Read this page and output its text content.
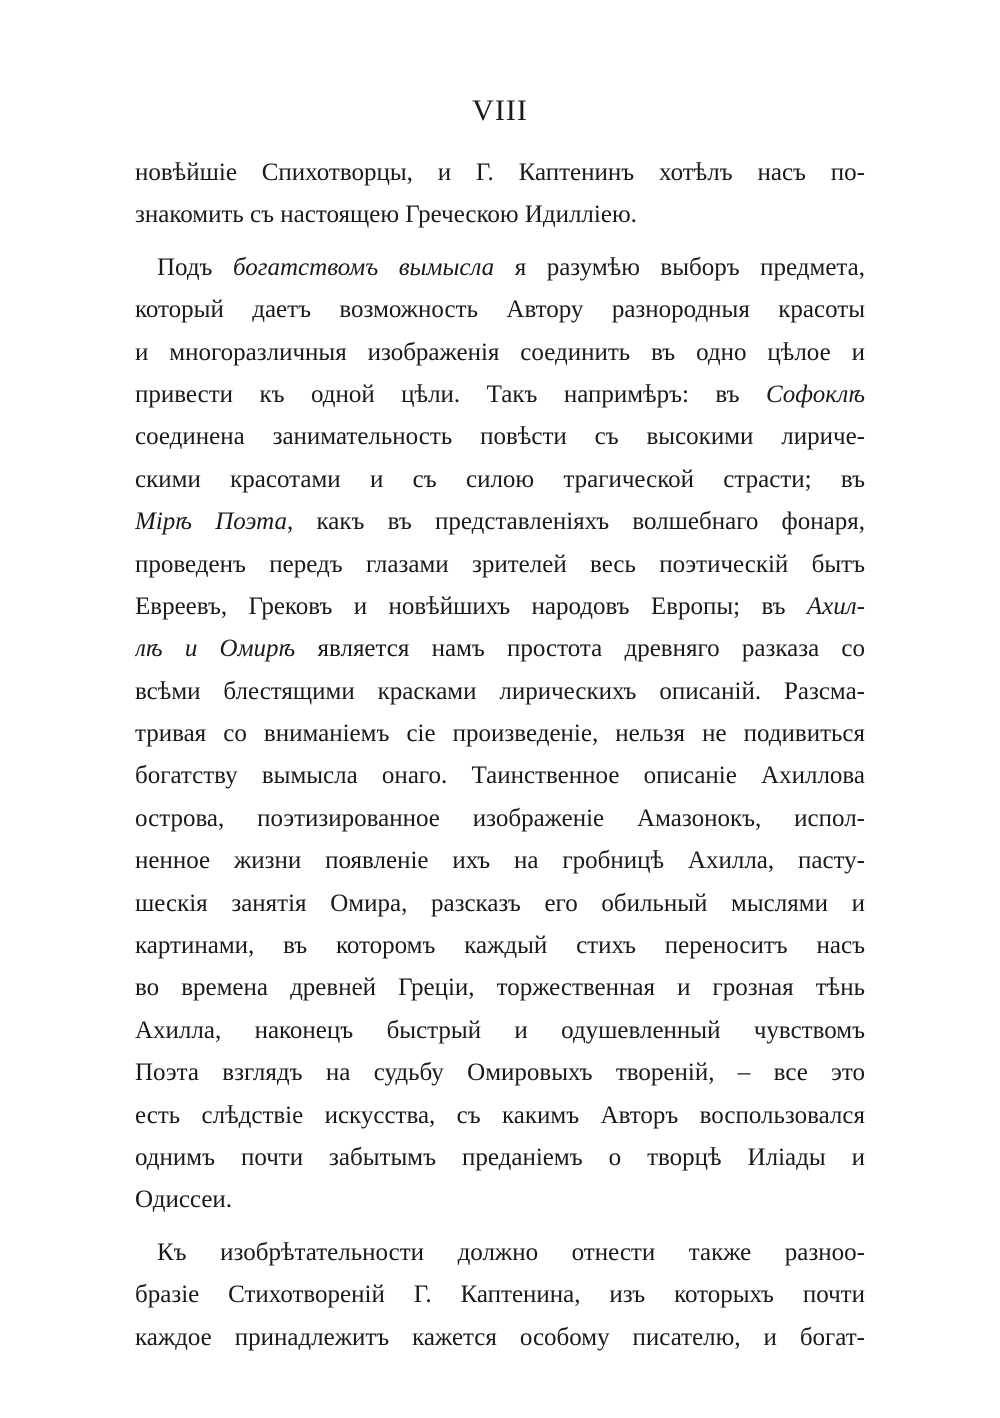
VIII
новѣйшіе Спихотворцы, и Г. Каптенинъ хотѣлъ насъ по-
знакомить съ настоящею Греческою Идилліею.
Подъ богатствомъ вымысла я разумѣю выборъ предмета,
который даетъ возможность Автору разнородныя красоты
и многоразличныя изображенія соединить въ одно цѣлое и
привести къ одной цѣли. Такъ напримѣръ: въ Софоклѣ
соединена занимательность повѣсти съ высокими лириче-
скими красотами и съ силою трагической страсти; въ
Мірѣ Поэта, какъ въ представленіяхъ волшебнаго фонаря,
проведенъ передъ глазами зрителей весь поэтическій бытъ
Евреевъ, Грековъ и новѣйшихъ народовъ Европы; въ Ахил-
лѣ и Омирѣ является намъ простота древняго разказа со
всѣми блестящими красками лирическихъ описаній. Разсма-
тривая со вниманіемъ сіе произведеніе, нельзя не подивиться
богатству вымысла онаго. Таинственное описаніе Ахиллова
острова, поэтизированное изображеніе Амазонокъ, испол-
ненное жизни появленіе ихъ на гробницѣ Ахилла, пасту-
шескія занятія Омира, разсказъ его обильный мыслями и
картинами, въ которомъ каждый стихъ переноситъ насъ
во времена древней Греціи, торжественная и грозная тѣнь
Ахилла, наконецъ быстрый и одушевленный чувствомъ
Поэта взглядъ на судьбу Омировыхъ твореній, – все это
есть слѣдствіе искусства, съ какимъ Авторъ воспользовался
однимъ почти забытымъ преданіемъ о творцѣ Иліады и
Одиссеи.
Къ изобрѣтательности должно отнести также разноо-
бразіе Стихотвореній Г. Каптенина, изъ которыхъ почти
каждое принадлежитъ кажется особому писателю, и богат-
